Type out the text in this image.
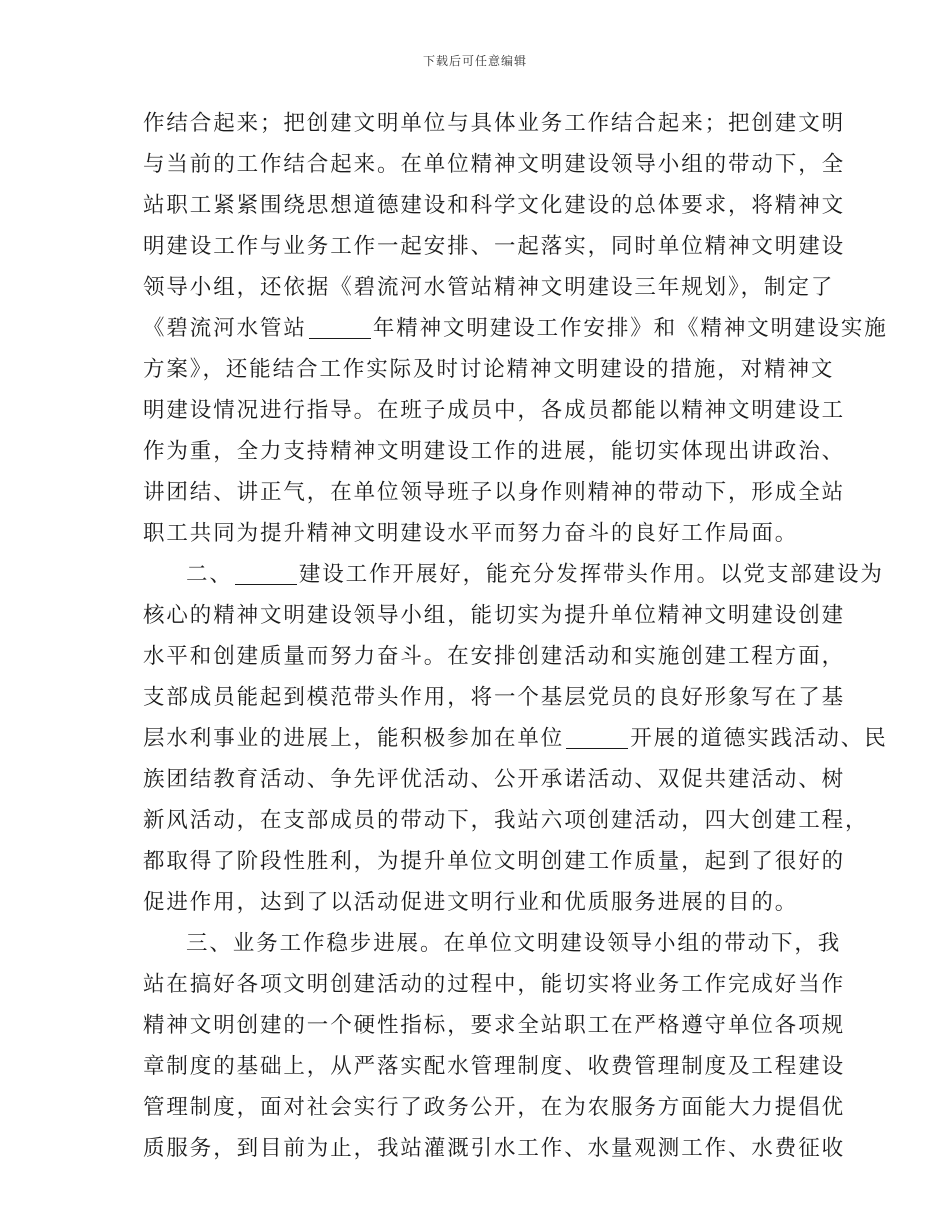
下载后可任意编辑
作结合起来；把创建文明单位与具体业务工作结合起来；把创建文明
与当前的工作结合起来。在单位精神文明建设领导小组的带动下，全
站职工紧紧围绕思想道德建设和科学文化建设的总体要求，将精神文
明建设工作与业务工作一起安排、一起落实，同时单位精神文明建设
领导小组，还依据《碧流河水管站精神文明建设三年规划》，制定了
《碧流河水管站	年精神文明建设工作安排》和《精神文明建设实施
方案》，还能结合工作实际及时讨论精神文明建设的措施，对精神文
明建设情况进行指导。在班子成员中，各成员都能以精神文明建设工
作为重，全力支持精神文明建设工作的进展，能切实体现出讲政治、
讲团结、讲正气，在单位领导班子以身作则精神的带动下，形成全站
职工共同为提升精神文明建设水平而努力奋斗的良好工作局面。
二、	建设工作开展好，能充分发挥带头作用。以党支部建设为
核心的精神文明建设领导小组，能切实为提升单位精神文明建设创建
水平和创建质量而努力奋斗。在安排创建活动和实施创建工程方面，
支部成员能起到模范带头作用，将一个基层党员的良好形象写在了基
层水利事业的进展上，能积极参加在单位	开展的道德实践活动、民
族团结教育活动、争先评优活动、公开承诺活动、双促共建活动、树
新风活动，在支部成员的带动下，我站六项创建活动，四大创建工程，
都取得了阶段性胜利，为提升单位文明创建工作质量，起到了很好的
促进作用，达到了以活动促进文明行业和优质服务进展的目的。
三、业务工作稳步进展。在单位文明建设领导小组的带动下，我
站在搞好各项文明创建活动的过程中，能切实将业务工作完成好当作
精神文明创建的一个硬性指标，要求全站职工在严格遵守单位各项规
章制度的基础上，从严落实配水管理制度、收费管理制度及工程建设
管理制度，面对社会实行了政务公开，在为农服务方面能大力提倡优
质服务，到目前为止，我站灌溉引水工作、水量观测工作、水费征收
